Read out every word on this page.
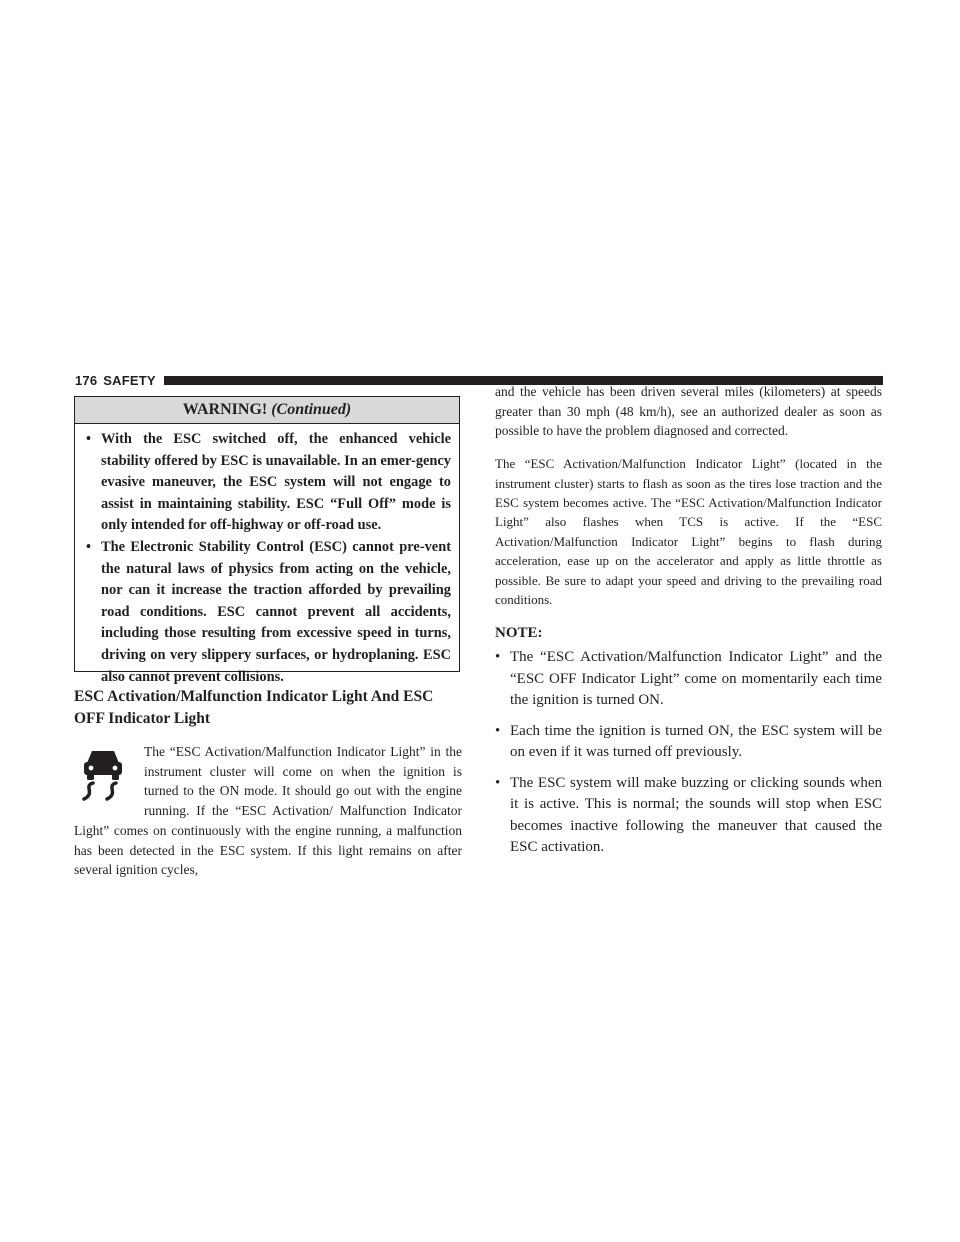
176 SAFETY
WARNING! (Continued)
• With the ESC switched off, the enhanced vehicle stability offered by ESC is unavailable. In an emer-gency evasive maneuver, the ESC system will not engage to assist in maintaining stability. ESC “Full Off” mode is only intended for off-highway or off-road use.
• The Electronic Stability Control (ESC) cannot pre-vent the natural laws of physics from acting on the vehicle, nor can it increase the traction afforded by prevailing road conditions. ESC cannot prevent all accidents, including those resulting from excessive speed in turns, driving on very slippery surfaces, or hydroplaning. ESC also cannot prevent collisions.
ESC Activation/Malfunction Indicator Light And ESC OFF Indicator Light

The “ESC Activation/Malfunction Indicator Light” in the instrument cluster will come on when the ignition is turned to the ON mode. It should go out with the engine running. If the “ESC Activation/ Malfunction Indicator Light” comes on continuously with the engine running, a malfunction has been detected in the ESC system. If this light remains on after several ignition cycles,

and the vehicle has been driven several miles (kilometers) at speeds greater than 30 mph (48 km/h), see an authorized dealer as soon as possible to have the problem diagnosed and corrected.

The “ESC Activation/Malfunction Indicator Light” (located in the instrument cluster) starts to flash as soon as the tires lose traction and the ESC system becomes active. The “ESC Activation/Malfunction Indicator Light” also flashes when TCS is active. If the “ESC Activation/Malfunction Indicator Light” begins to flash during acceleration, ease up on the accelerator and apply as little throttle as possible. Be sure to adapt your speed and driving to the prevailing road conditions.

NOTE:
• The “ESC Activation/Malfunction Indicator Light” and the “ESC OFF Indicator Light” come on momentarily each time the ignition is turned ON.
• Each time the ignition is turned ON, the ESC system will be on even if it was turned off previously.
• The ESC system will make buzzing or clicking sounds when it is active. This is normal; the sounds will stop when ESC becomes inactive following the maneuver that caused the ESC activation.
